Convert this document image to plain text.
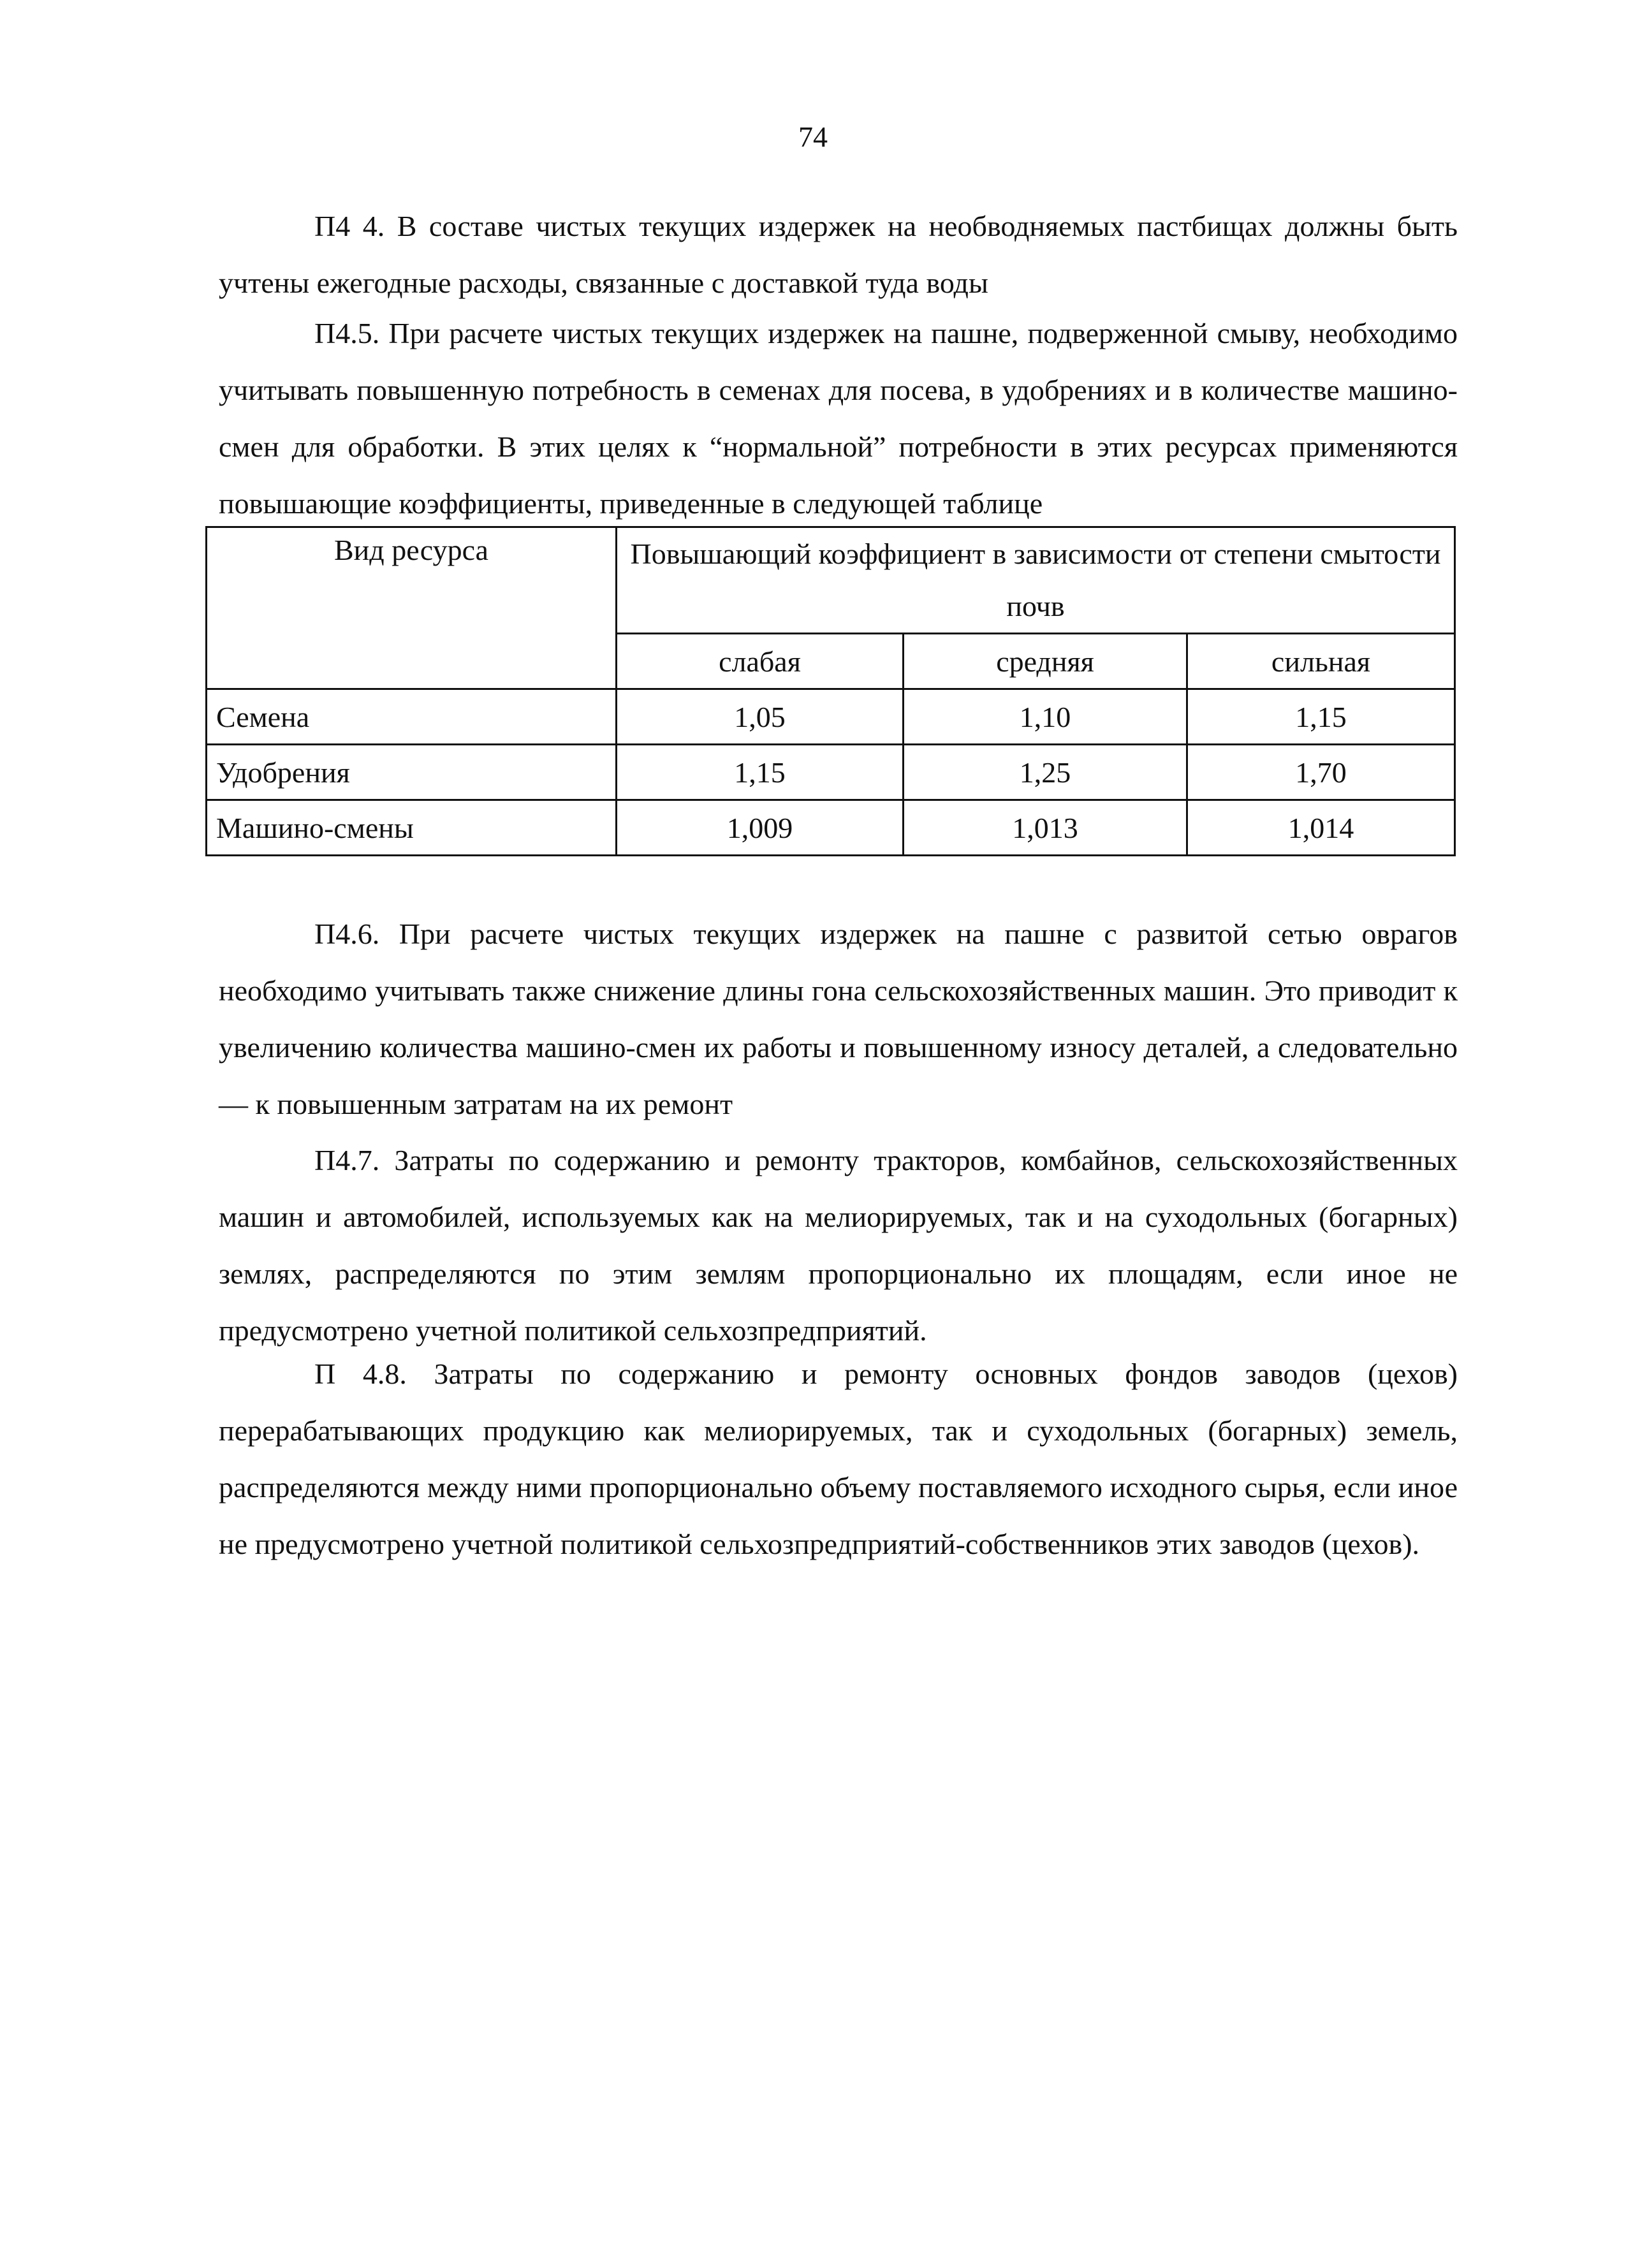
74

П4 4. В составе чистых текущих издержек на необводняемых пастбищах должны быть учтены ежегодные расходы, связанные с доставкой туда воды

П4.5. При расчете чистых текущих издержек на пашне, подверженной смыву, необходимо учитывать повышенную потребность в семенах для посева, в удобрениях и в количестве машино-смен для обработки. В этих целях к “нормальной” потребности в этих ресурсах применяются повышающие коэффициенты, приведенные в следующей таблице

Вид ресурса	Повышающий коэффициент в зависимости от степени смытости почв		
	слабая	средняя	сильная
Семена	1,05	1,10	1,15
Удобрения	1,15	1,25	1,70
Машино-смены	1,009	1,013	1,014

П4.6. При расчете чистых текущих издержек на пашне с развитой сетью оврагов необходимо учитывать также снижение длины гона сельскохозяйственных машин. Это приводит к увеличению количества машино-смен их работы и повышенному износу деталей, а следовательно — к повышенным затратам на их ремонт

П4.7. Затраты по содержанию и ремонту тракторов, комбайнов, сельскохозяйственных машин и автомобилей, используемых как на мелиорируемых, так и на суходольных (богарных) землях, распределяются по этим землям пропорционально их площадям, если иное не предусмотрено учетной политикой сельхозпредприятий.

П 4.8. Затраты по содержанию и ремонту основных фондов заводов (цехов) перерабатывающих продукцию как мелиорируемых, так и суходольных (богарных) земель, распределяются между ними пропорционально объему поставляемого исходного сырья, если иное не предусмотрено учетной политикой сельхозпредприятий-собственников этих заводов (цехов).
